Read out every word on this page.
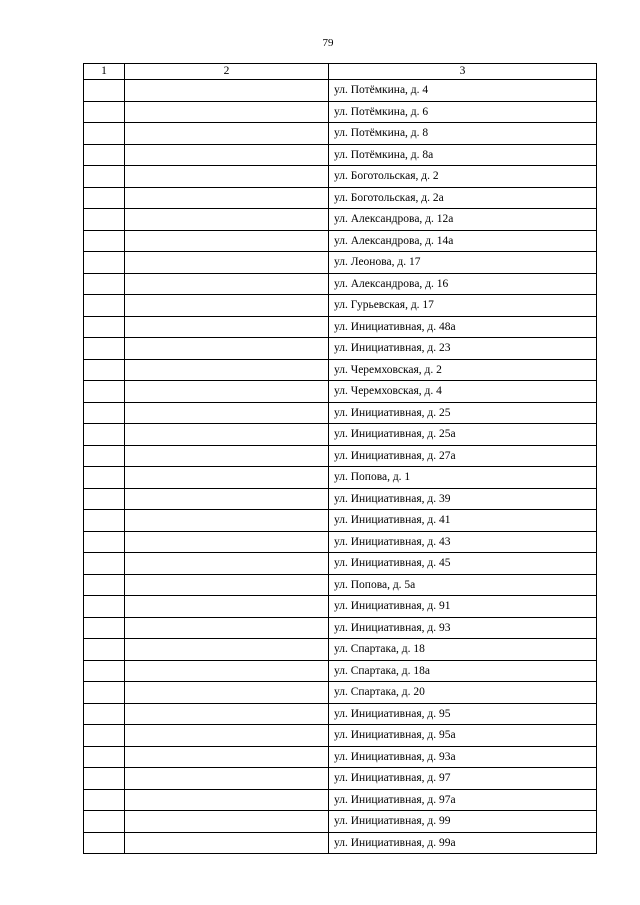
79
1	2	3
		ул. Потёмкина, д. 4
		ул. Потёмкина, д. 6
		ул. Потёмкина, д. 8
		ул. Потёмкина, д. 8а
		ул. Боготольская, д. 2
		ул. Боготольская, д. 2а
		ул. Александрова, д. 12а
		ул. Александрова, д. 14а
		ул. Леонова, д. 17
		ул. Александрова, д. 16
		ул. Гурьевская, д. 17
		ул. Инициативная, д. 48а
		ул. Инициативная, д. 23
		ул. Черемховская, д. 2
		ул. Черемховская, д. 4
		ул. Инициативная, д. 25
		ул. Инициативная, д. 25а
		ул. Инициативная, д. 27а
		ул. Попова, д. 1
		ул. Инициативная, д. 39
		ул. Инициативная, д. 41
		ул. Инициативная, д. 43
		ул. Инициативная, д. 45
		ул. Попова, д. 5а
		ул. Инициативная, д. 91
		ул. Инициативная, д. 93
		ул. Спартака, д. 18
		ул. Спартака, д. 18а
		ул. Спартака, д. 20
		ул. Инициативная, д. 95
		ул. Инициативная, д. 95а
		ул. Инициативная, д. 93а
		ул. Инициативная, д. 97
		ул. Инициативная, д. 97а
		ул. Инициативная, д. 99
		ул. Инициативная, д. 99а
